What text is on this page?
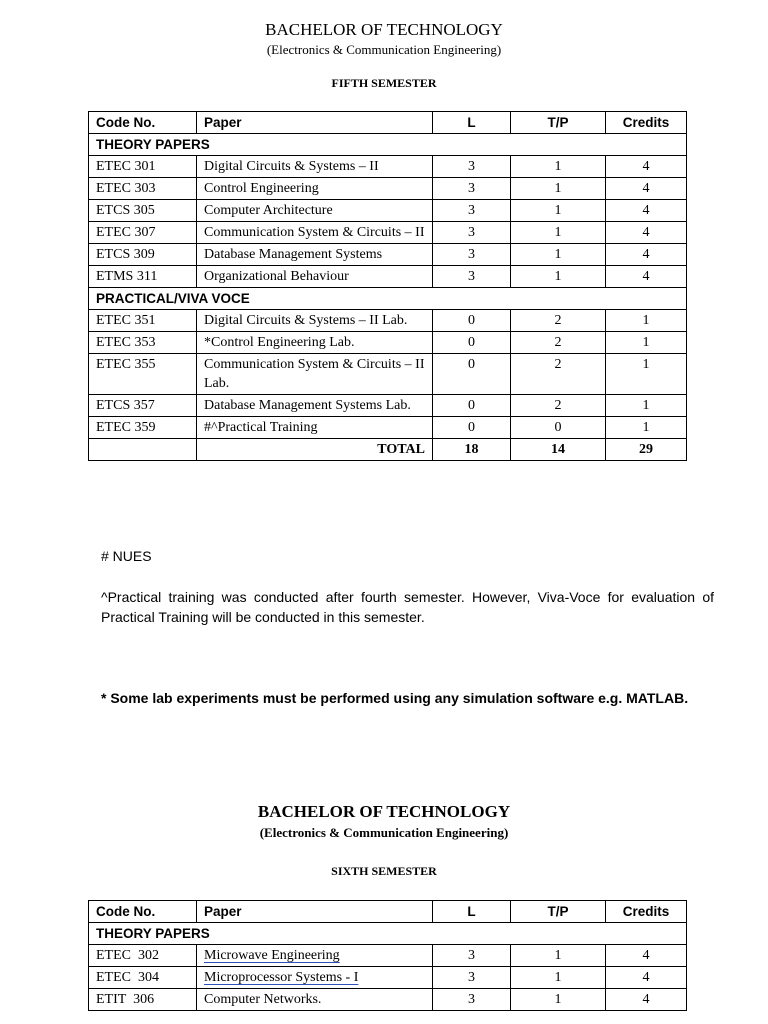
BACHELOR OF TECHNOLOGY
(Electronics & Communication Engineering)
FIFTH SEMESTER
Code No.	Paper	L	T/P	Credits
THEORY PAPERS				
ETEC 301	Digital Circuits & Systems – II	3	1	4
ETEC 303	Control Engineering	3	1	4
ETCS 305	Computer Architecture	3	1	4
ETEC 307	Communication System & Circuits – II	3	1	4
ETCS 309	Database Management Systems	3	1	4
ETMS 311	Organizational Behaviour	3	1	4
PRACTICAL/VIVA VOCE				
ETEC 351	Digital Circuits & Systems – II Lab.	0	2	1
ETEC 353	*Control Engineering Lab.	0	2	1
ETEC 355	Communication System & Circuits – II Lab.	0	2	1
ETCS 357	Database Management Systems Lab.	0	2	1
ETEC 359	#^Practical Training	0	0	1
	TOTAL	18	14	29
# NUES
^Practical training was conducted after fourth semester. However, Viva-Voce for evaluation of Practical Training will be conducted in this semester.
* Some lab experiments must be performed using any simulation software e.g. MATLAB.
BACHELOR OF TECHNOLOGY
(Electronics & Communication Engineering)
SIXTH SEMESTER
Code No.	Paper	L	T/P	Credits
THEORY PAPERS				
ETEC  302	Microwave Engineering	3	1	4
ETEC  304	Microprocessor Systems - I	3	1	4
ETIT  306	Computer Networks.	3	1	4
